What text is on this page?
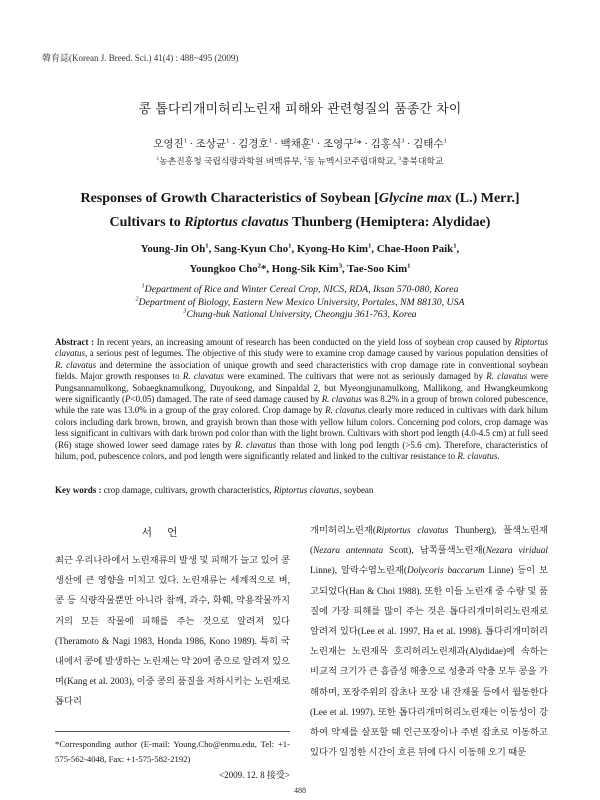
韓育誌(Korean J. Breed. Sci.) 41(4) : 488~495 (2009)
콩 톱다리개미허리노린재 피해와 관련형질의 품종간 차이
오영진$^1$ · 조상균$^1$ · 김경호$^1$ · 백채훈$^1$ · 조영구$^2$* · 김홍식$^3$ · 김태수$^1$
$^1$농촌진흥청 국립식량과학원 벼맥류부, $^2$동 뉴멕시코주립대학교, $^3$충북대학교
Responses of Growth Characteristics of Soybean [Glycine max (L.) Merr.]
Cultivars to Riptortus clavatus Thunberg (Hemiptera: Alydidae)
Young-Jin Oh$^1$, Sang-Kyun Cho$^1$, Kyong-Ho Kim$^1$, Chae-Hoon Paik$^1$,
Youngkoo Cho$^2$*, Hong-Sik Kim$^3$, Tae-Soo Kim$^1$
$^1$Department of Rice and Winter Cereal Crop, NICS, RDA, Iksan 570-080, Korea
$^2$Department of Biology, Eastern New Mexico University, Portales, NM 88130, USA
$^3$Chung-buk National University, Cheongju 361-763, Korea
Abstract : In recent years, an increasing amount of research has been conducted on the yield loss of soybean crop caused by Riptortus clavatus, a serious pest of legumes. The objective of this study were to examine crop damage caused by various population densities of R. clavatus and determine the association of unique growth and seed characteristics with crop damage rate in conventional soybean fields. Major growth responses to R. clavatus were examined. The cultivars that were not as seriously damaged by R. clavatus were Pungsannamulkong, Sobaegknamulkong, Duyoukong, and Sinpaldal 2, but Myeongjunamulkong, Mallikong, and Hwangkeumkong were significantly (P<0.05) damaged. The rate of seed damage caused by R. clavatus was 8.2% in a group of brown colored pubescence, while the rate was 13.0% in a group of the gray colored. Crop damage by R. clavatus clearly more reduced in cultivars with dark hilum colors including dark brown, brown, and grayish brown than those with yellow hilum colors. Concerning pod colors, crop damage was less significant in cultivars with dark brown pod color than with the light brown. Cultivars with short pod length (4.0-4.5 cm) at full seed (R6) stage showed lower seed damage rates by R. clavatus than those with long pod length (>5.6 cm). Therefore, characteristics of hilum, pod, pubescence colors, and pod length were significantly related and linked to the cultivar resistance to R. clavatus.
Key words : crop damage, cultivars, growth characteristics, Riptortus clavatus, soybean
서 언
최근 우리나라에서 노린재류의 발생 및 피해가 늘고 있어 콩 생산에 큰 영향을 미치고 있다. 노린재류는 세계적으로 벼, 콩 등 식량작물뿐만 아니라 참깨, 과수, 화훼, 약용작물까지 거의 모든 작물에 피해를 주는 것으로 알려져 있다(Theramoto & Nagi 1983, Honda 1986, Kono 1989). 특히 국내에서 콩에 발생하는 노린재는 약 20여 종으로 알려져 있으며(Kang et al. 2003), 이중 콩의 품질을 저하시키는 노린재로 톱다리
개미허리노린재(Riptortus clavatus Thunberg), 풀색노린재(Nezara antennata Scott), 남쪽풀색노린재(Nezara viridual Linne), 알락수염노린재(Dolycoris baccarum Linne) 등이 보고되었다(Han & Choi 1988). 또한 이들 노린재 중 수량 및 품질에 가장 피해를 많이 주는 것은 톱다리개미허리노린재로 알려져 있다(Lee et al. 1997, Ha et al. 1998). 톱다리개미허리노린재는 노린재목 호리허리노린재과(Alydidae)에 속하는 비교적 크기가 큰 흡즙성 해충으로 성충과 약충 모두 콩을 가해하며, 포장주위의 잡초나 포장 내 잔재물 등에서 월동한다(Lee et al. 1997). 또한 톱다리개미허리노린재는 이동성이 강하여 약제를 살포할 때 인근포장이나 주변 잡초로 이동하고 있다가 일정한 시간이 흐른 뒤에 다시 이동해 오기 때문
*Corresponding author (E-mail: Young.Cho@enmu.edu, Tel: +1-575-562-4048, Fax: +1-575-582-2192)
<2009. 12. 8 接受>
488
